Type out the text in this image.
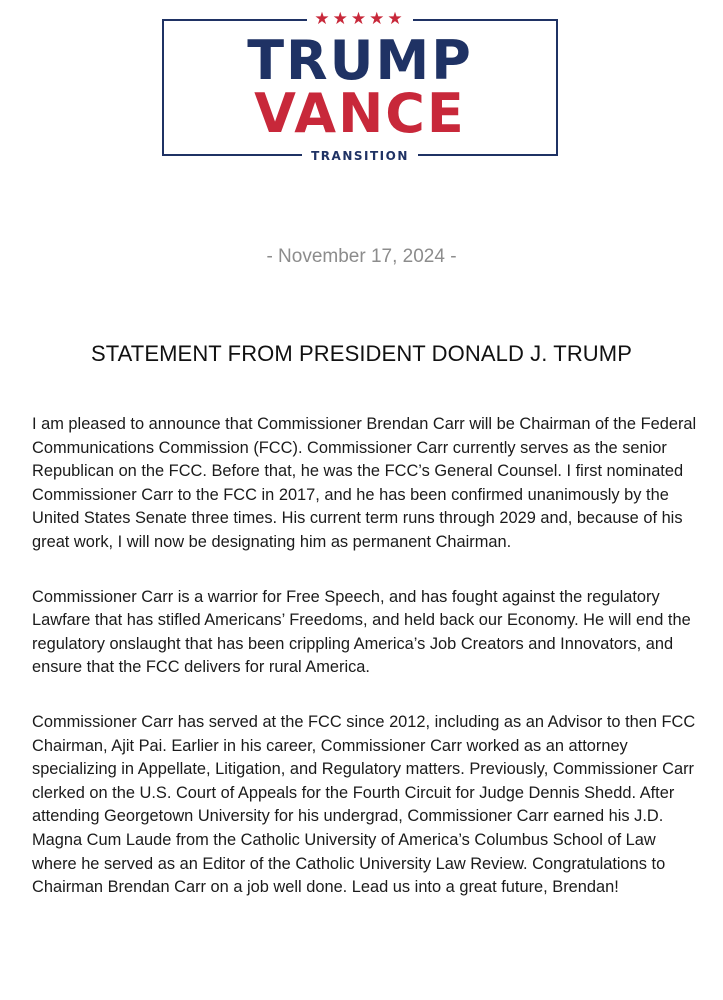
★★★★★
TRUMP
VANCE
TRANSITION
- November 17, 2024 -
STATEMENT FROM PRESIDENT DONALD J. TRUMP

I am pleased to announce that Commissioner Brendan Carr will be Chairman of the Federal Communications Commission (FCC). Commissioner Carr currently serves as the senior Republican on the FCC. Before that, he was the FCC’s General Counsel. I first nominated Commissioner Carr to the FCC in 2017, and he has been confirmed unanimously by the United States Senate three times. His current term runs through 2029 and, because of his great work, I will now be designating him as permanent Chairman.

Commissioner Carr is a warrior for Free Speech, and has fought against the regulatory Lawfare that has stifled Americans’ Freedoms, and held back our Economy. He will end the regulatory onslaught that has been crippling America’s Job Creators and Innovators, and ensure that the FCC delivers for rural America.

Commissioner Carr has served at the FCC since 2012, including as an Advisor to then FCC Chairman, Ajit Pai. Earlier in his career, Commissioner Carr worked as an attorney specializing in Appellate, Litigation, and Regulatory matters. Previously, Commissioner Carr clerked on the U.S. Court of Appeals for the Fourth Circuit for Judge Dennis Shedd. After attending Georgetown University for his undergrad, Commissioner Carr earned his J.D. Magna Cum Laude from the Catholic University of America’s Columbus School of Law where he served as an Editor of the Catholic University Law Review. Congratulations to Chairman Brendan Carr on a job well done. Lead us into a great future, Brendan!
